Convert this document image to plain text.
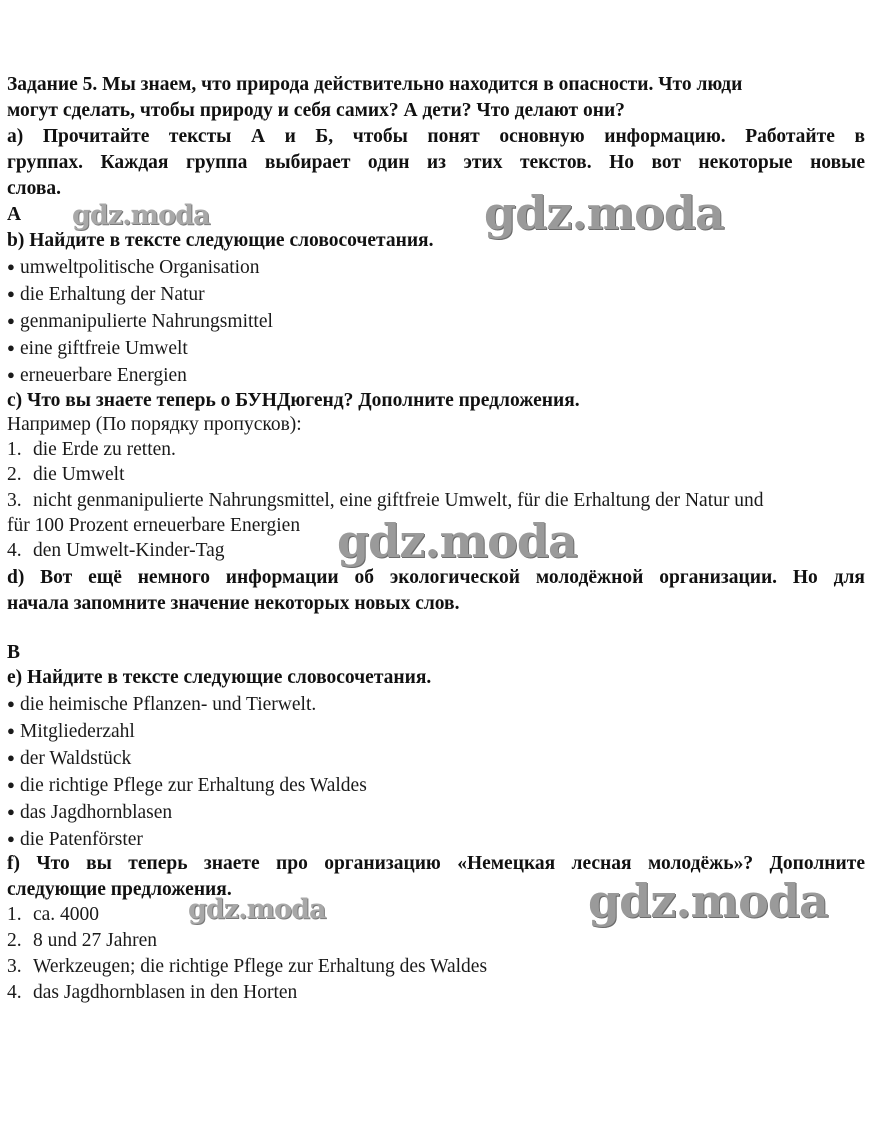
Задание 5. Мы знаем, что природа действительно находится в опасности. Что люди
могут сделать, чтобы природу и себя самих? А дети? Что делают они?
а) Прочитайте тексты А и Б, чтобы понят основную информацию. Работайте в
группах. Каждая группа выбирает один из этих текстов. Но вот некоторые новые
слова.
А
b) Найдите в тексте следующие словосочетания.
● umweltpolitische Organisation
● die Erhaltung der Natur
● genmanipulierte Nahrungsmittel
● eine giftfreie Umwelt
● erneuerbare Energien
с) Что вы знаете теперь о БУНДюгенд? Дополните предложения.
Например (По порядку пропусков):
1. die Erde zu retten.
2. die Umwelt
3. nicht genmanipulierte Nahrungsmittel, eine giftfreie Umwelt, für die Erhaltung der Natur und
für 100 Prozent erneuerbare Energien
4. den Umwelt-Kinder-Tag
d) Вот ещё немного информации об экологической молодёжной организации. Но для
начала запомните значение некоторых новых слов.
В
e) Найдите в тексте следующие словосочетания.
● die heimische Pflanzen- und Tierwelt.
● Mitgliederzahl
● der Waldstück
● die richtige Pflege zur Erhaltung des Waldes
● das Jagdhornblasen
● die Patenförster
f) Что вы теперь знаете про организацию «Немецкая лесная молодёжь»? Дополните
следующие предложения.
1. ca. 4000
2. 8 und 27 Jahren
3. Werkzeugen; die richtige Pflege zur Erhaltung des Waldes
4. das Jagdhornblasen in den Horten
gdz.moda	gdz.moda
gdz.moda
gdz.moda	gdz.moda
